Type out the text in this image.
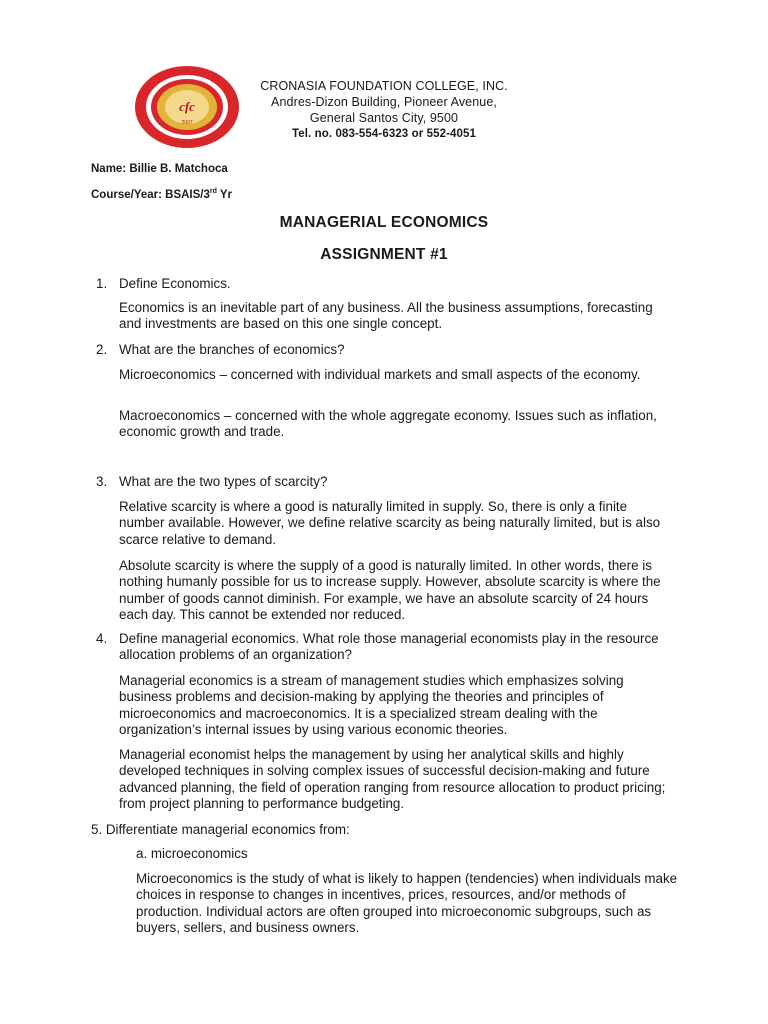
cfc
2007
CRONASIA FOUNDATION COLLEGE, INC.
Andres-Dizon Building, Pioneer Avenue,
General Santos City, 9500
Tel. no. 083-554-6323 or 552-4051
Name: Billie B. Matchoca
Course/Year: BSAIS/3rd Yr
MANAGERIAL ECONOMICS
ASSIGNMENT #1
1. Define Economics.

Economics is an inevitable part of any business. All the business assumptions, forecasting and investments are based on this one single concept.

2. What are the branches of economics?

Microeconomics – concerned with individual markets and small aspects of the economy.

Macroeconomics – concerned with the whole aggregate economy. Issues such as inflation, economic growth and trade.

3. What are the two types of scarcity?

Relative scarcity is where a good is naturally limited in supply. So, there is only a finite number available. However, we define relative scarcity as being naturally limited, but is also scarce relative to demand.

Absolute scarcity is where the supply of a good is naturally limited. In other words, there is nothing humanly possible for us to increase supply. However, absolute scarcity is where the number of goods cannot diminish. For example, we have an absolute scarcity of 24 hours each day. This cannot be extended nor reduced.

4. Define managerial economics. What role those managerial economists play in the resource allocation problems of an organization?

Managerial economics is a stream of management studies which emphasizes solving business problems and decision-making by applying the theories and principles of microeconomics and macroeconomics. It is a specialized stream dealing with the organization’s internal issues by using various economic theories.

Managerial economist helps the management by using her analytical skills and highly developed techniques in solving complex issues of successful decision-making and future advanced planning, the field of operation ranging from resource allocation to product pricing; from project planning to performance budgeting.

5. Differentiate managerial economics from:

a. microeconomics

Microeconomics is the study of what is likely to happen (tendencies) when individuals make choices in response to changes in incentives, prices, resources, and/or methods of production. Individual actors are often grouped into microeconomic subgroups, such as buyers, sellers, and business owners.
